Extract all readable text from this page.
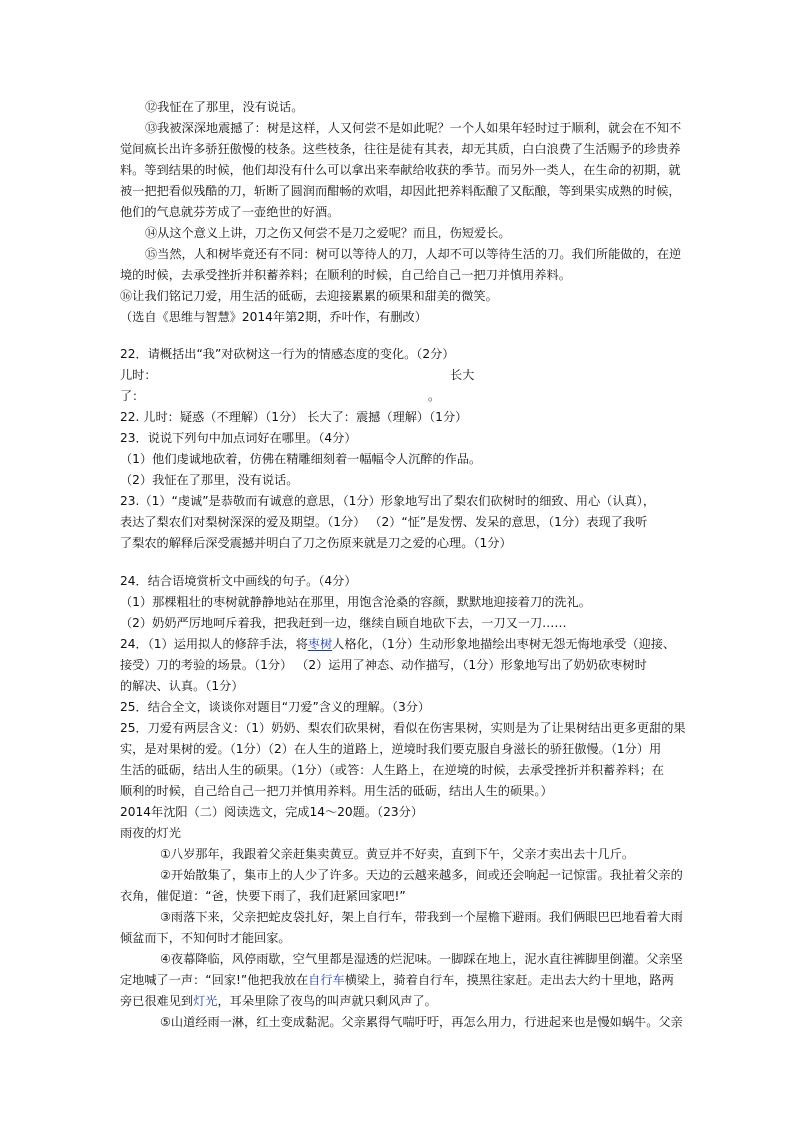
⑫我怔在了那里，没有说话。
⑬我被深深地震撼了：树是这样，人又何尝不是如此呢？一个人如果年轻时过于顺利，就会在不知不
觉间疯长出许多骄狂傲慢的枝条。这些枝条，往往是徒有其表，却无其质，白白浪费了生活赐予的珍贵养
料。等到结果的时候，他们却没有什么可以拿出来奉献给收获的季节。而另外一类人，在生命的初期，就
被一把把看似残酷的刀，斩断了圆润而酣畅的欢唱，却因此把养料酝酿了又酝酿，等到果实成熟的时候，
他们的气息就芬芳成了一壶绝世的好酒。
⑭从这个意义上讲，刀之伤又何尝不是刀之爱呢？而且，伤短爱长。
⑮当然，人和树毕竟还有不同：树可以等待人的刀，人却不可以等待生活的刀。我们所能做的，在逆
境的时候，去承受挫折并积蓄养料；在顺利的时候，自己给自己一把刀并慎用养料。
⑯让我们铭记刀爱，用生活的砥砺，去迎接累累的硕果和甜美的微笑。
（选自《思维与智慧》2014年第2期，乔叶作，有删改）
22．请概括出“我”对砍树这一行为的情感态度的变化。（2分）
儿时：	长大
了：	。
22. 儿时：疑惑（不理解）（1分） 长大了：震撼（理解）（1分）
23．说说下列句中加点词好在哪里。（4分）
（1）他们虔诚地砍着，仿佛在精雕细刻着一幅幅令人沉醉的作品。
（2）我怔在了那里，没有说话。
23.（1）“虔诚”是恭敬而有诚意的意思，（1分）形象地写出了梨农们砍树时的细致、用心（认真），
表达了梨农们对梨树深深的爱及期望。（1分） （2）“怔”是发愣、发呆的意思，（1分）表现了我听
了梨农的解释后深受震撼并明白了刀之伤原来就是刀之爱的心理。（1分）
24．结合语境赏析文中画线的句子。（4分）
（1）那棵粗壮的枣树就静静地站在那里，用饱含沧桑的容颜，默默地迎接着刀的洗礼。
（2）奶奶严厉地呵斥着我，把我赶到一边，继续自顾自地砍下去，一刀又一刀……
24．（1）运用拟人的修辞手法，将枣树人格化，（1分）生动形象地描绘出枣树无怨无悔地承受（迎接、
接受）刀的考验的场景。（1分） （2）运用了神态、动作描写，（1分）形象地写出了奶奶砍枣树时
的解决、认真。（1分）
25．结合全文，谈谈你对题目“刀爱”含义的理解。（3分）
25．刀爱有两层含义：（1）奶奶、梨农们砍果树，看似在伤害果树，实则是为了让果树结出更多更甜的果
实，是对果树的爱。（1分）（2）在人生的道路上，逆境时我们要克服自身滋长的骄狂傲慢。（1分）用
生活的砥砺，结出人生的硕果。（1分）（或答：人生路上，在逆境的时候，去承受挫折并积蓄养料；在
顺利的时候，自己给自己一把刀并慎用养料。用生活的砥砺，结出人生的硕果。）
2014年沈阳（二）阅读选文，完成14～20题。（23分）
雨夜的灯光
①八岁那年，我跟着父亲赶集卖黄豆。黄豆并不好卖，直到下午，父亲才卖出去十几斤。
②开始散集了，集市上的人少了许多。天边的云越来越多，间或还会响起一记惊雷。我扯着父亲的
衣角，催促道：“爸，快要下雨了，我们赶紧回家吧!”
③雨落下来，父亲把蛇皮袋扎好，架上自行车，带我到一个屋檐下避雨。我们俩眼巴巴地看着大雨
倾盆而下，不知何时才能回家。
④夜幕降临，风停雨歇，空气里都是湿透的烂泥味。一脚踩在地上，泥水直往裤脚里倒灌。父亲坚
定地喊了一声：“回家!”他把我放在自行车横梁上，骑着自行车，摸黑往家赶。走出去大约十里地，路两
旁已很难见到灯光，耳朵里除了夜鸟的叫声就只剩风声了。
⑤山道经雨一淋，红土变成黏泥。父亲累得气喘吁吁，再怎么用力，行进起来也是慢如蜗牛。父亲
